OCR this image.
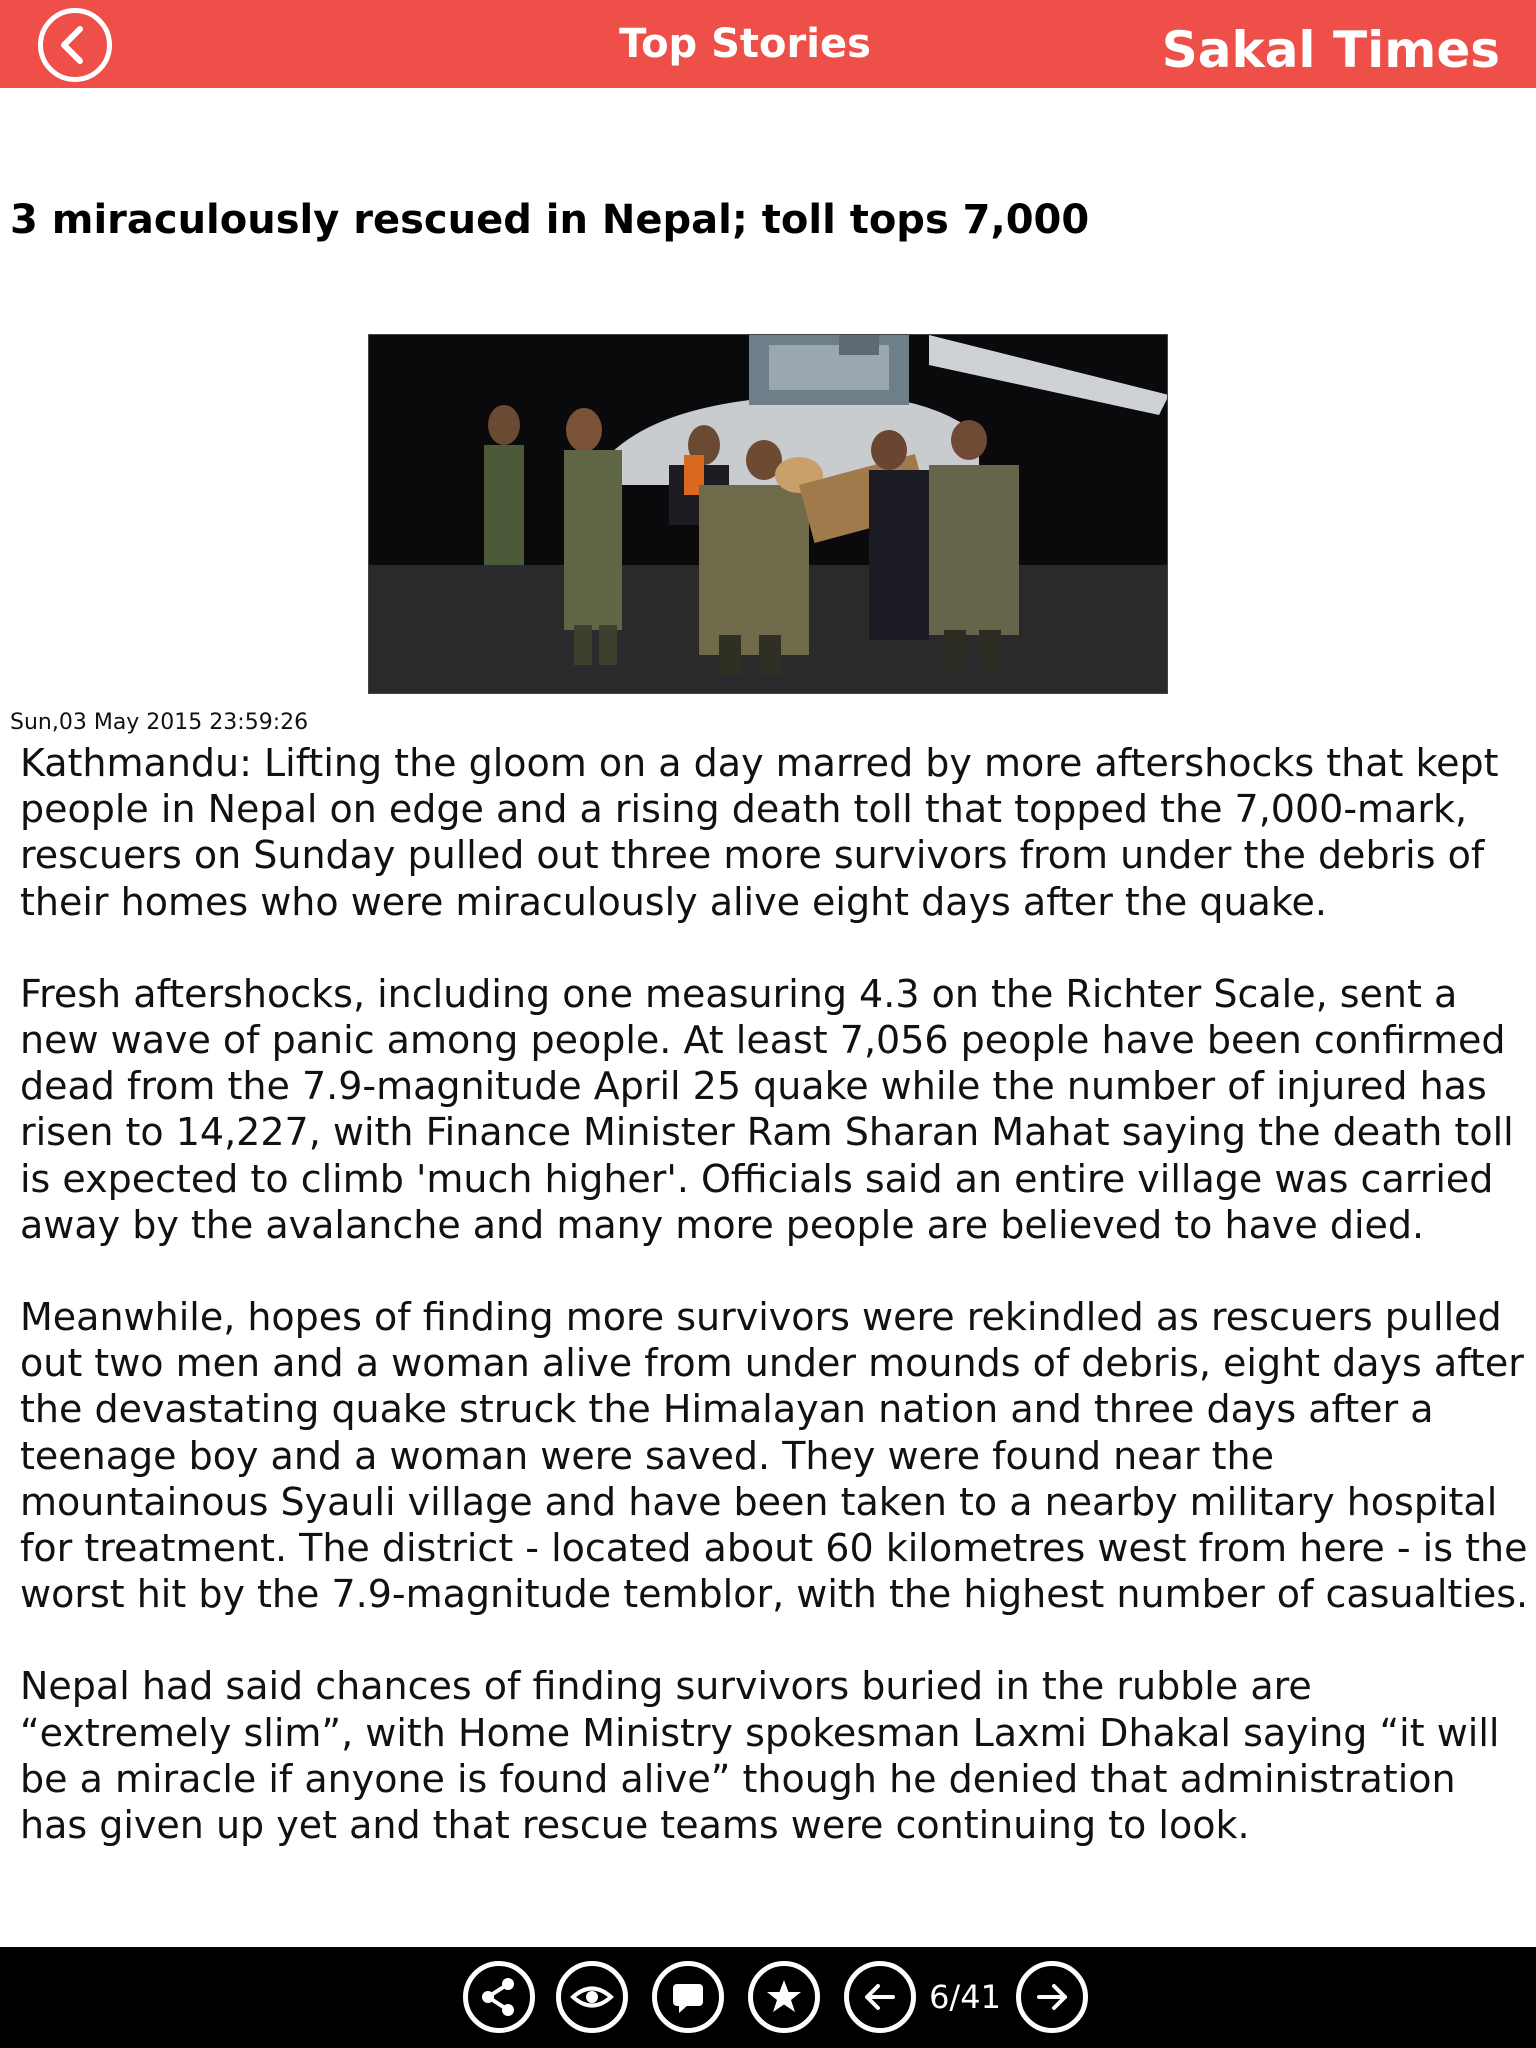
Top Stories	Sakal Times
3 miraculously rescued in Nepal; toll tops 7,000
Sun,03 May 2015 23:59:26

Kathmandu: Lifting the gloom on a day marred by more aftershocks that kept people in Nepal on edge and a rising death toll that topped the 7,000-mark, rescuers on Sunday pulled out three more survivors from under the debris of their homes who were miraculously alive eight days after the quake.

Fresh aftershocks, including one measuring 4.3 on the Richter Scale, sent a new wave of panic among people. At least 7,056 people have been confirmed dead from the 7.9-magnitude April 25 quake while the number of injured has risen to 14,227, with Finance Minister Ram Sharan Mahat saying the death toll is expected to climb 'much higher'. Officials said an entire village was carried away by the avalanche and many more people are believed to have died.

Meanwhile, hopes of finding more survivors were rekindled as rescuers pulled out two men and a woman alive from under mounds of debris, eight days after the devastating quake struck the Himalayan nation and three days after a teenage boy and a woman were saved. They were found near the mountainous Syauli village and have been taken to a nearby military hospital for treatment. The district - located about 60 kilometres west from here - is the worst hit by the 7.9-magnitude temblor, with the highest number of casualties.

Nepal had said chances of finding survivors buried in the rubble are “extremely slim”, with Home Ministry spokesman Laxmi Dhakal saying “it will be a miracle if anyone is found alive” though he denied that administration has given up yet and that rescue teams were continuing to look.

6/41
